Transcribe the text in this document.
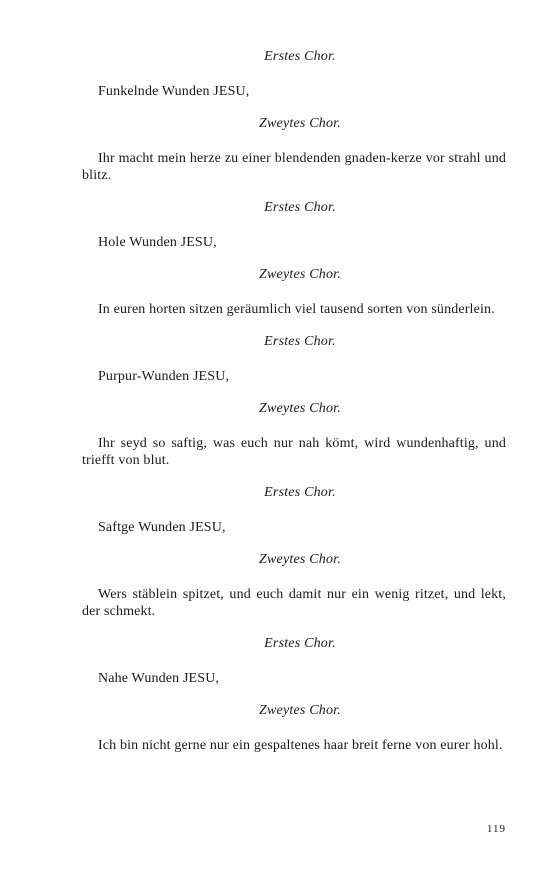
Erstes Chor.

Funkelnde Wunden JESU,

Zweytes Chor.

Ihr macht mein herze zu einer blendenden gnaden-kerze vor strahl und blitz.

Erstes Chor.

Hole Wunden JESU,

Zweytes Chor.

In euren horten sitzen geräumlich viel tausend sorten von sünderlein.

Erstes Chor.

Purpur-Wunden JESU,

Zweytes Chor.

Ihr seyd so saftig, was euch nur nah kömt, wird wundenhaftig, und triefft von blut.

Erstes Chor.

Saftge Wunden JESU,

Zweytes Chor.

Wers stäblein spitzet, und euch damit nur ein wenig ritzet, und lekt, der schmekt.

Erstes Chor.

Nahe Wunden JESU,

Zweytes Chor.

Ich bin nicht gerne nur ein gespaltenes haar breit ferne von eurer hohl.

119
